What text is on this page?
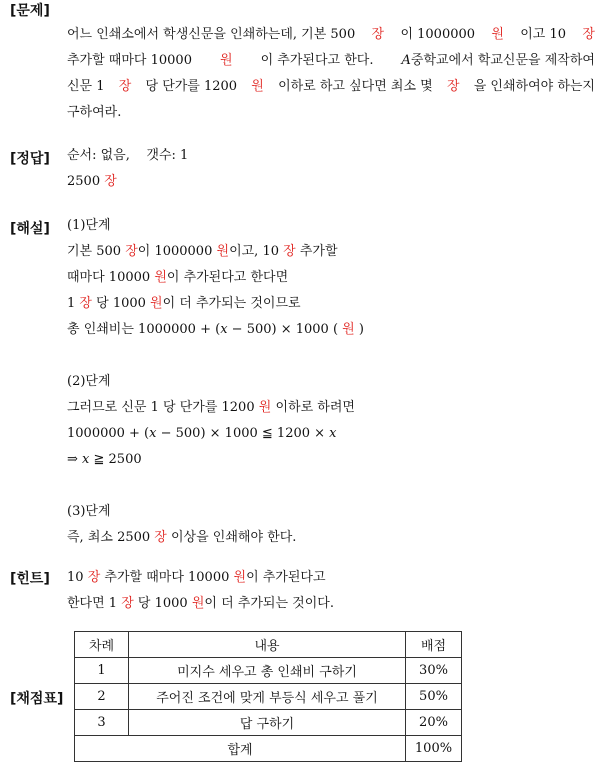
[문제]
어느 인쇄소에서 학생신문을 인쇄하는데, 기본 500 장 이 1000000 원 이고 10 장
추가할 때마다 10000 원 이 추가된다고 한다. A중학교에서 학교신문을 제작하여
신문 1 장 당 단가를 1200 원 이하로 하고 싶다면 최소 몇 장 을 인쇄하여야 하는지
구하여라.
[정답] 순서: 없음, 갯수: 1
2500 장
[해설] (1)단계
기본 500 장이 1000000 원이고, 10 장 추가할
때마다 10000 원이 추가된다고 한다면
1 장 당 1000 원이 더 추가되는 것이므로
총 인쇄비는 1000000 + (x − 500) × 1000 ( 원 )
(2)단계
그러므로 신문 1 당 단가를 1200 원 이하로 하려면
1000000 + (x − 500) × 1000 ≦ 1200 × x
⇒ x ≧ 2500
(3)단계
즉, 최소 2500 장 이상을 인쇄해야 한다.
[힌트] 10 장 추가할 때마다 10000 원이 추가된다고
한다면 1 장 당 1000 원이 더 추가되는 것이다.
[채점표]
차례	내용	배점
1	미지수 세우고 총 인쇄비 구하기	30%
2	주어진 조건에 맞게 부등식 세우고 풀기	50%
3	답 구하기	20%
합계		100%
